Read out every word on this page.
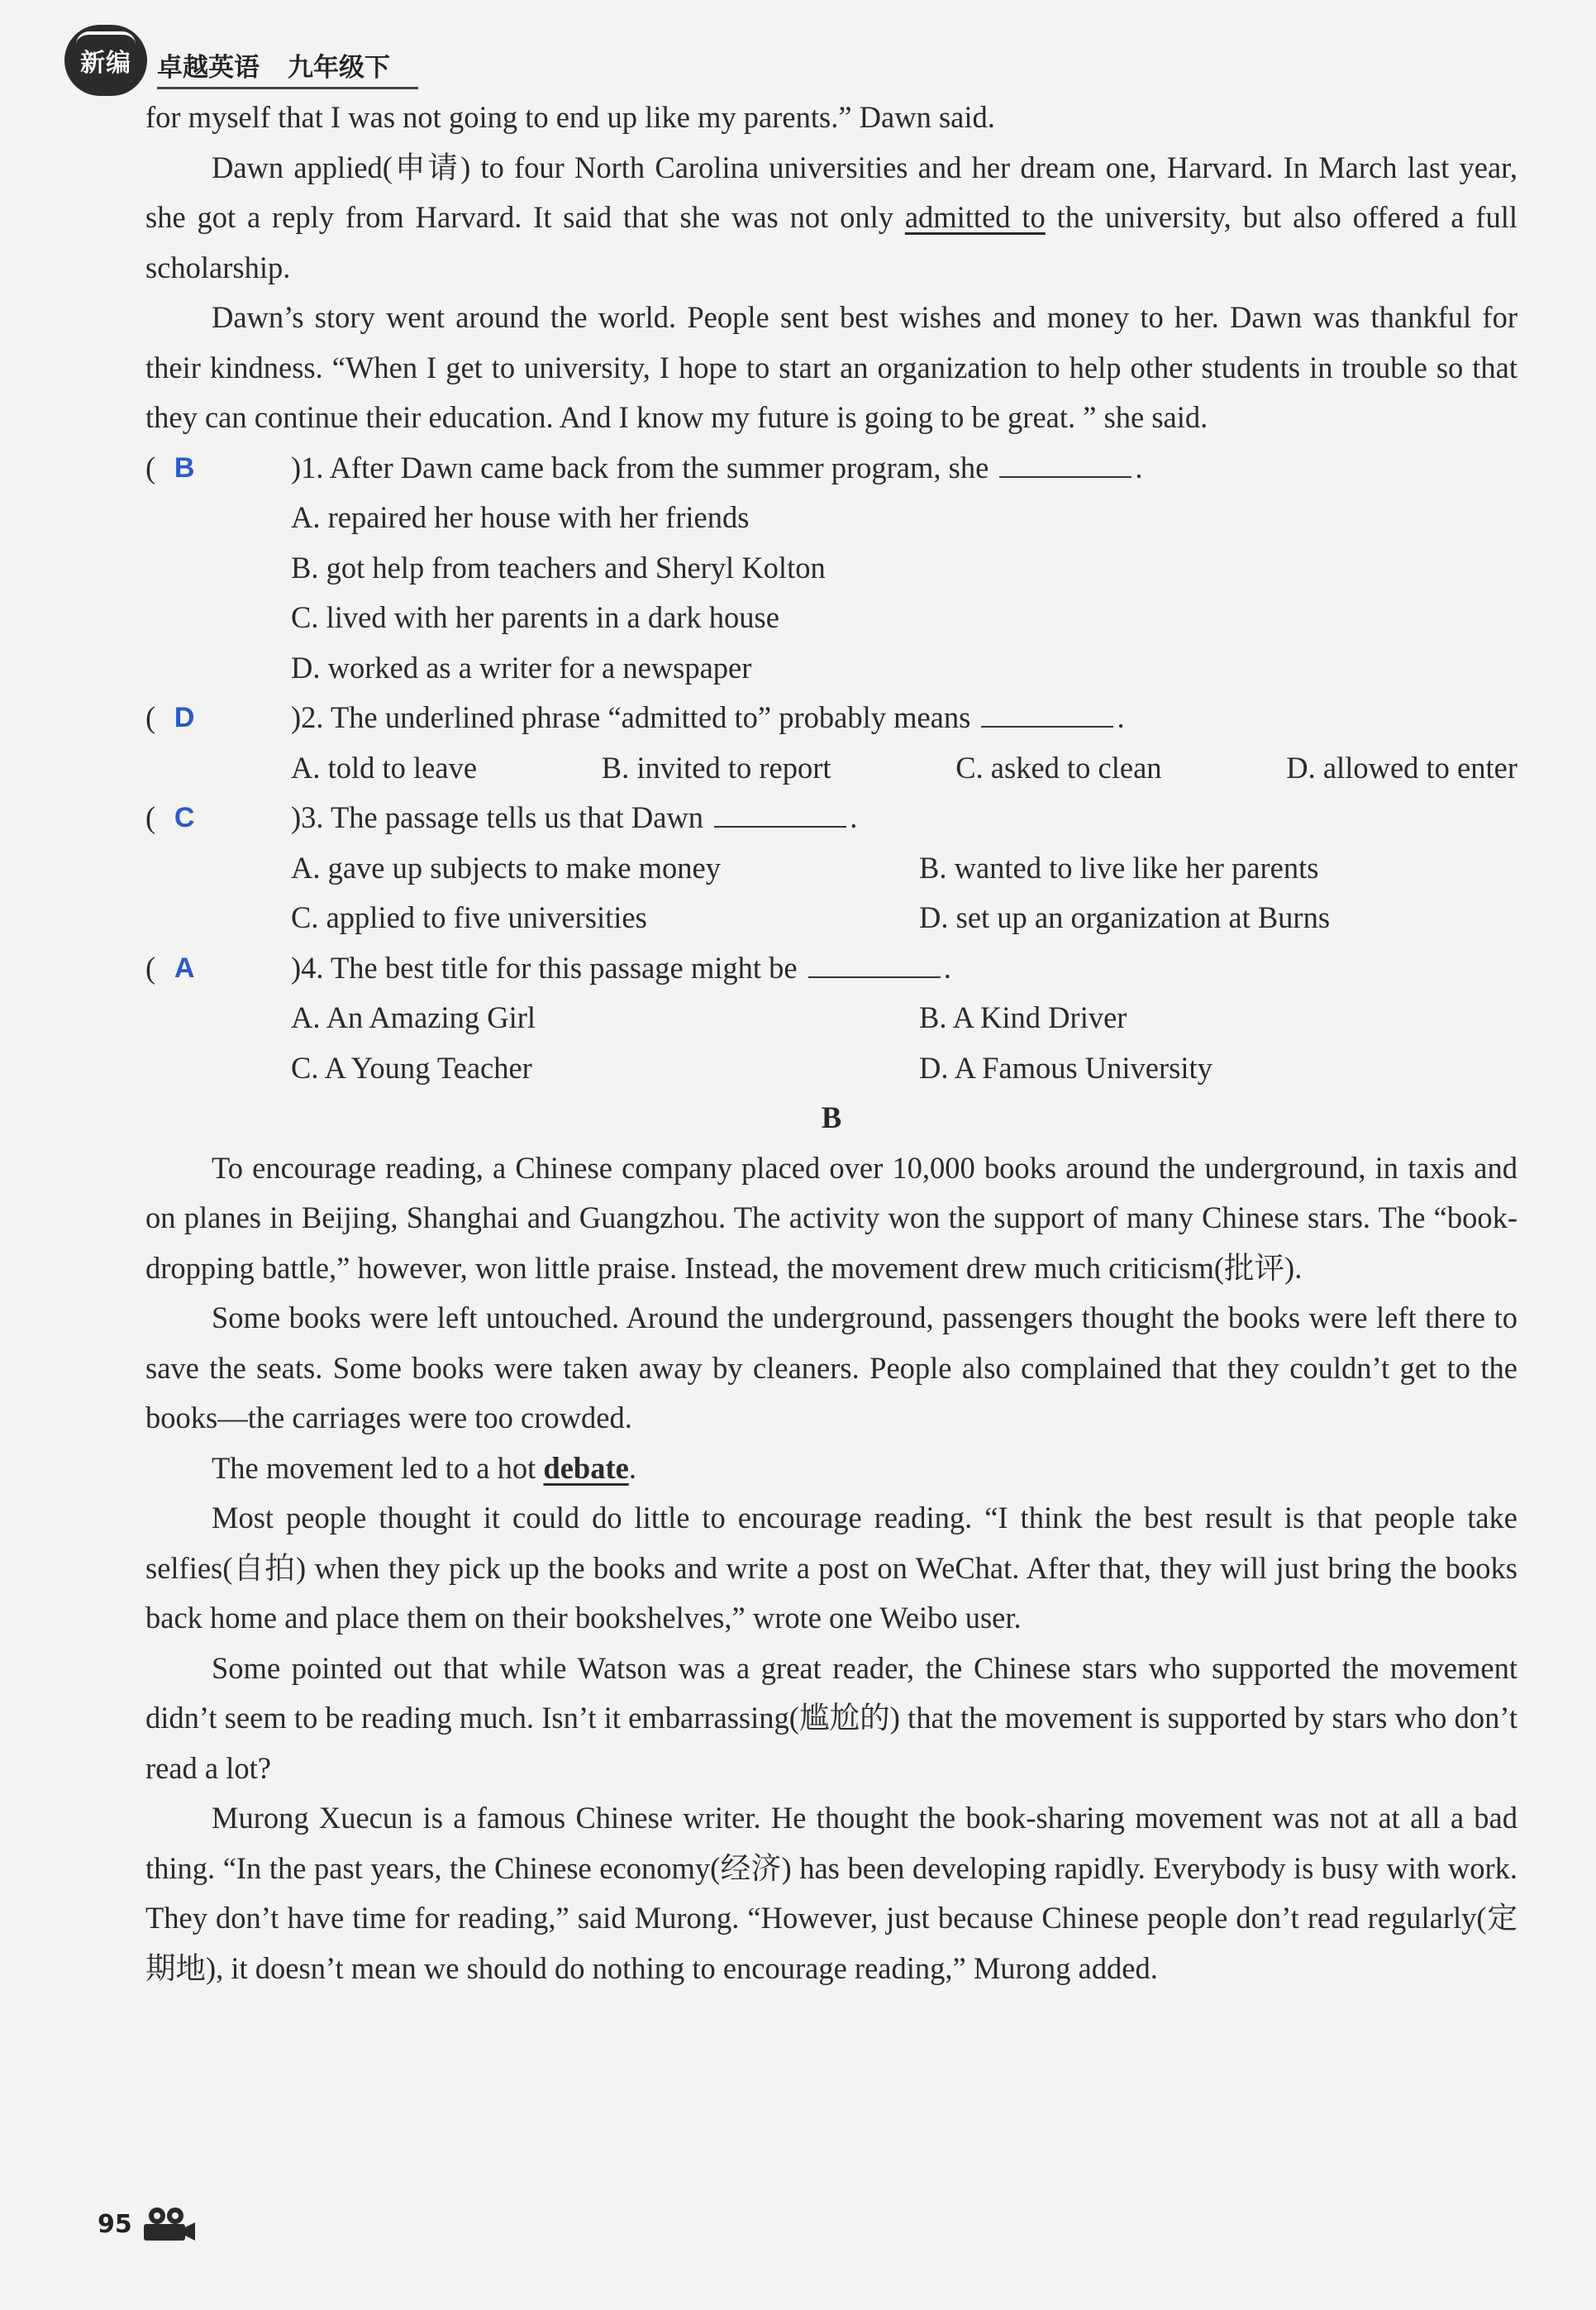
新编 卓越英语 九年级下

for myself that I was not going to end up like my parents.” Dawn said.

Dawn applied(申请) to four North Carolina universities and her dream one, Harvard. In March last year, she got a reply from Harvard. It said that she was not only admitted to the university, but also offered a full scholarship.

Dawn’s story went around the world. People sent best wishes and money to her. Dawn was thankful for their kindness. “When I get to university, I hope to start an organization to help other students in trouble so that they can continue their education. And I know my future is going to be great. ” she said.

( B	)1. After Dawn came back from the summer program, she	.

A. repaired her house with her friends

B. got help from teachers and Sheryl Kolton

C. lived with her parents in a dark house

D. worked as a writer for a newspaper

( D	)2. The underlined phrase “admitted to” probably means	.
A. told to leave	B. invited to report	C. asked to clean	D. allowed to enter
( C	)3. The passage tells us that Dawn	.
A. gave up subjects to make money	B. wanted to live like her parents
C. applied to five universities	D. set up an organization at Burns
( A	)4. The best title for this passage might be	.
A. An Amazing Girl	B. A Kind Driver
C. A Young Teacher	D. A Famous University

B

To encourage reading, a Chinese company placed over 10,000 books around the underground, in taxis and on planes in Beijing, Shanghai and Guangzhou. The activity won the support of many Chinese stars. The “book-dropping battle,” however, won little praise. Instead, the movement drew much criticism(批评).

Some books were left untouched. Around the underground, passengers thought the books were left there to save the seats. Some books were taken away by cleaners. People also complained that they couldn’t get to the books—the carriages were too crowded.

The movement led to a hot debate.

Most people thought it could do little to encourage reading. “I think the best result is that people take selfies(自拍) when they pick up the books and write a post on WeChat. After that, they will just bring the books back home and place them on their bookshelves,” wrote one Weibo user.

Some pointed out that while Watson was a great reader, the Chinese stars who supported the movement didn’t seem to be reading much. Isn’t it embarrassing(尴尬的) that the movement is supported by stars who don’t read a lot?

Murong Xuecun is a famous Chinese writer. He thought the book-sharing movement was not at all a bad thing. “In the past years, the Chinese economy(经济) has been developing rapidly. Everybody is busy with work. They don’t have time for reading,” said Murong. “However, just because Chinese people don’t read regularly(定期地), it doesn’t mean we should do nothing to encourage reading,” Murong added.

95
